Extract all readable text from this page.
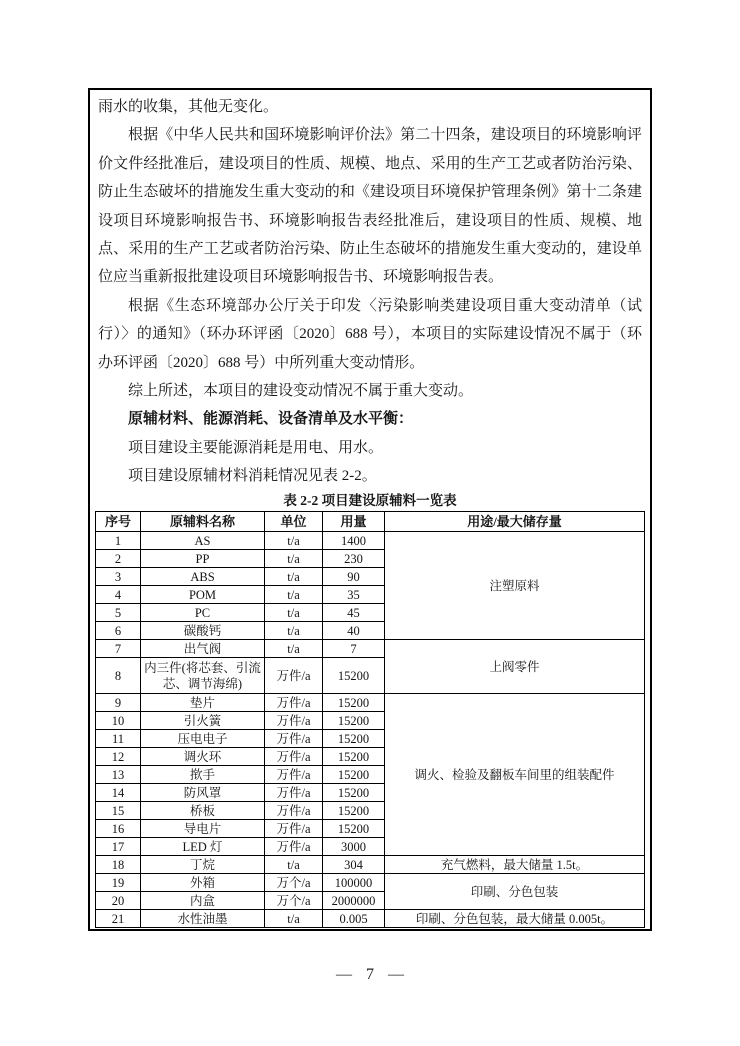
雨水的收集，其他无变化。
根据《中华人民共和国环境影响评价法》第二十四条，建设项目的环境影响评
价文件经批准后，建设项目的性质、规模、地点、采用的生产工艺或者防治污染、
防止生态破坏的措施发生重大变动的和《建设项目环境保护管理条例》第十二条建
设项目环境影响报告书、环境影响报告表经批准后，建设项目的性质、规模、地
点、采用的生产工艺或者防治污染、防止生态破坏的措施发生重大变动的，建设单
位应当重新报批建设项目环境影响报告书、环境影响报告表。
根据《生态环境部办公厅关于印发〈污染影响类建设项目重大变动清单（试
行）〉的通知》（环办环评函〔2020〕688 号），本项目的实际建设情况不属于（环
办环评函〔2020〕688 号）中所列重大变动情形。
综上所述，本项目的建设变动情况不属于重大变动。
原辅材料、能源消耗、设备清单及水平衡：
项目建设主要能源消耗是用电、用水。
项目建设原辅材料消耗情况见表 2-2。
表 2-2 项目建设原辅料一览表
序号	原辅料名称	单位	用量	用途/最大储存量
1	AS	t/a	1400	注塑原料
2	PP	t/a	230	
3	ABS	t/a	90	
4	POM	t/a	35	
5	PC	t/a	45	
6	碳酸钙	t/a	40	
7	出气阀	t/a	7	上阀零件
8	内三件(将芯套、引流芯、调节海绵)	万件/a	15200	
9	垫片	万件/a	15200	调火、检验及翻板车间里的组装配件
10	引火簧	万件/a	15200	
11	压电电子	万件/a	15200	
12	调火环	万件/a	15200	
13	揿手	万件/a	15200	
14	防风罩	万件/a	15200	
15	桥板	万件/a	15200	
16	导电片	万件/a	15200	
17	LED 灯	万件/a	3000	
18	丁烷	t/a	304	充气燃料，最大储量 1.5t。
19	外箱	万个/a	100000	印刷、分色包装
20	内盒	万个/a	2000000	
21	水性油墨	t/a	0.005	印刷、分色包装，最大储量 0.005t。
— 7 —
